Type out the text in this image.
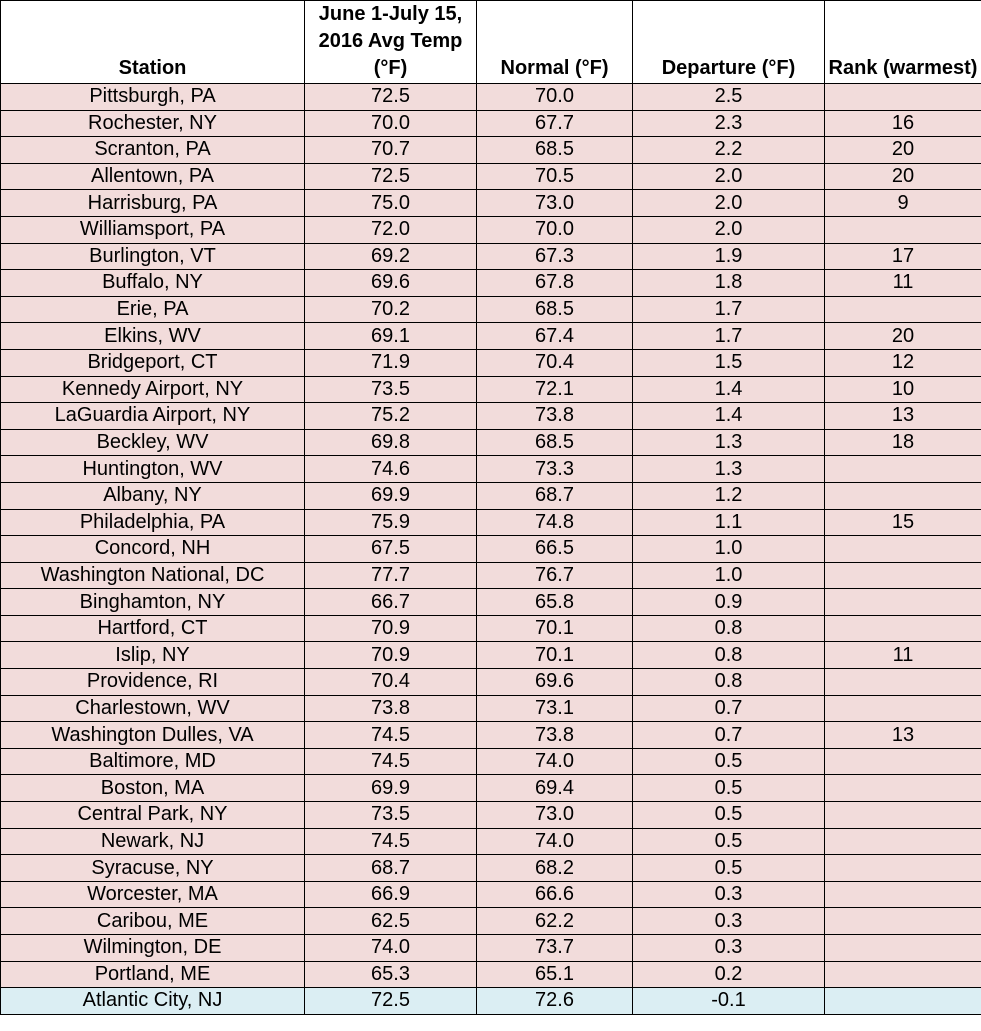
Station	June 1-July 15, 2016 Avg Temp (°F)	Normal (°F)	Departure (°F)	Rank (warmest)
Pittsburgh, PA	72.5	70.0	2.5	
Rochester, NY	70.0	67.7	2.3	16
Scranton, PA	70.7	68.5	2.2	20
Allentown, PA	72.5	70.5	2.0	20
Harrisburg, PA	75.0	73.0	2.0	9
Williamsport, PA	72.0	70.0	2.0	
Burlington, VT	69.2	67.3	1.9	17
Buffalo, NY	69.6	67.8	1.8	11
Erie, PA	70.2	68.5	1.7	
Elkins, WV	69.1	67.4	1.7	20
Bridgeport, CT	71.9	70.4	1.5	12
Kennedy Airport, NY	73.5	72.1	1.4	10
LaGuardia Airport, NY	75.2	73.8	1.4	13
Beckley, WV	69.8	68.5	1.3	18
Huntington, WV	74.6	73.3	1.3	
Albany, NY	69.9	68.7	1.2	
Philadelphia, PA	75.9	74.8	1.1	15
Concord, NH	67.5	66.5	1.0	
Washington National, DC	77.7	76.7	1.0	
Binghamton, NY	66.7	65.8	0.9	
Hartford, CT	70.9	70.1	0.8	
Islip, NY	70.9	70.1	0.8	11
Providence, RI	70.4	69.6	0.8	
Charlestown, WV	73.8	73.1	0.7	
Washington Dulles, VA	74.5	73.8	0.7	13
Baltimore, MD	74.5	74.0	0.5	
Boston, MA	69.9	69.4	0.5	
Central Park, NY	73.5	73.0	0.5	
Newark, NJ	74.5	74.0	0.5	
Syracuse, NY	68.7	68.2	0.5	
Worcester, MA	66.9	66.6	0.3	
Caribou, ME	62.5	62.2	0.3	
Wilmington, DE	74.0	73.7	0.3	
Portland, ME	65.3	65.1	0.2	
Atlantic City, NJ	72.5	72.6	-0.1	
